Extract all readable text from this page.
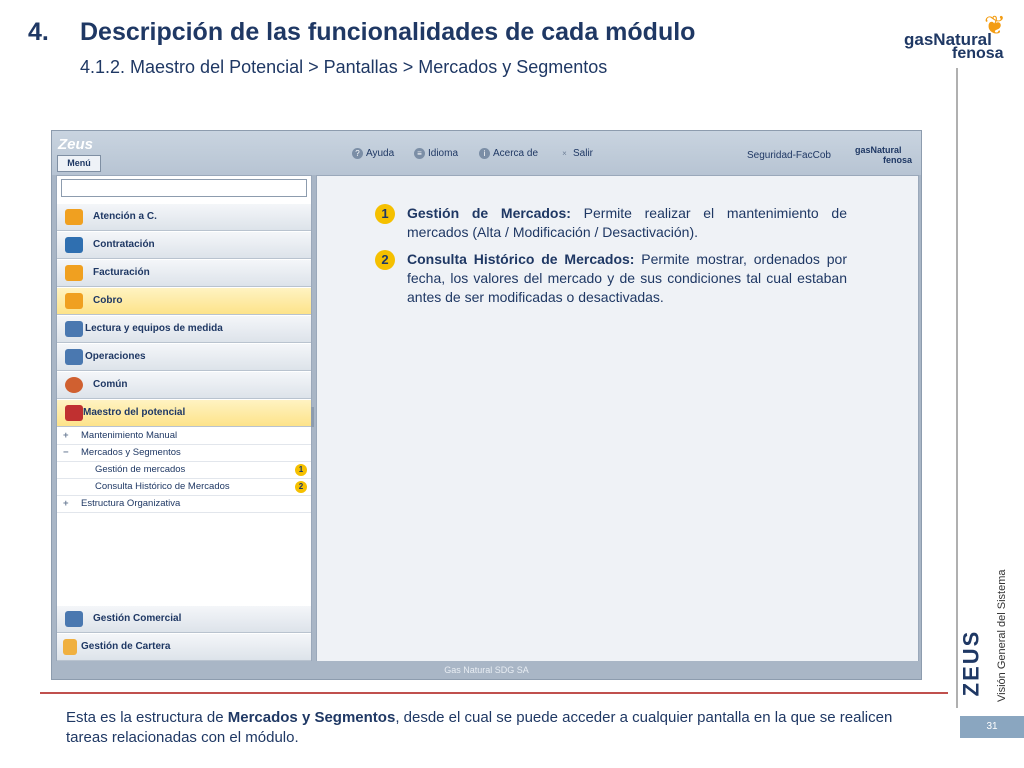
4. Descripción de las funcionalidades de cada módulo
4.1.2. Maestro del Potencial > Pantallas > Mercados y Segmentos
gasNatural
fenosa
❦
Visión General del Sistema
ZEUS
31
Esta es la estructura de Mercados y Segmentos, desde el cual se puede acceder a cualquier pantalla en la que se realicen tareas relacionadas con el módulo.
Zeus
Menú
? Ayuda	≡ Idioma	i Acerca de	× Salir	Seguridad-FacCob	gasNatural
fenosa
Atención a C.
Contratación
Facturación
Cobro
Lectura y equipos de medida
Operaciones
Común
Maestro del potencial
+ Mantenimiento Manual
− Mercados y Segmentos
Gestión de mercados	1
Consulta Histórico de Mercados	2
+ Estructura Organizativa
Gestión Comercial
Gestión de Cartera
1	Gestión de Mercados: Permite realizar el mantenimiento de mercados (Alta / Modificación / Desactivación).
2	Consulta Histórico de Mercados: Permite mostrar, ordenados por fecha, los valores del mercado y de sus condiciones tal cual estaban antes de ser modificadas o desactivadas.
Gas Natural SDG SA
